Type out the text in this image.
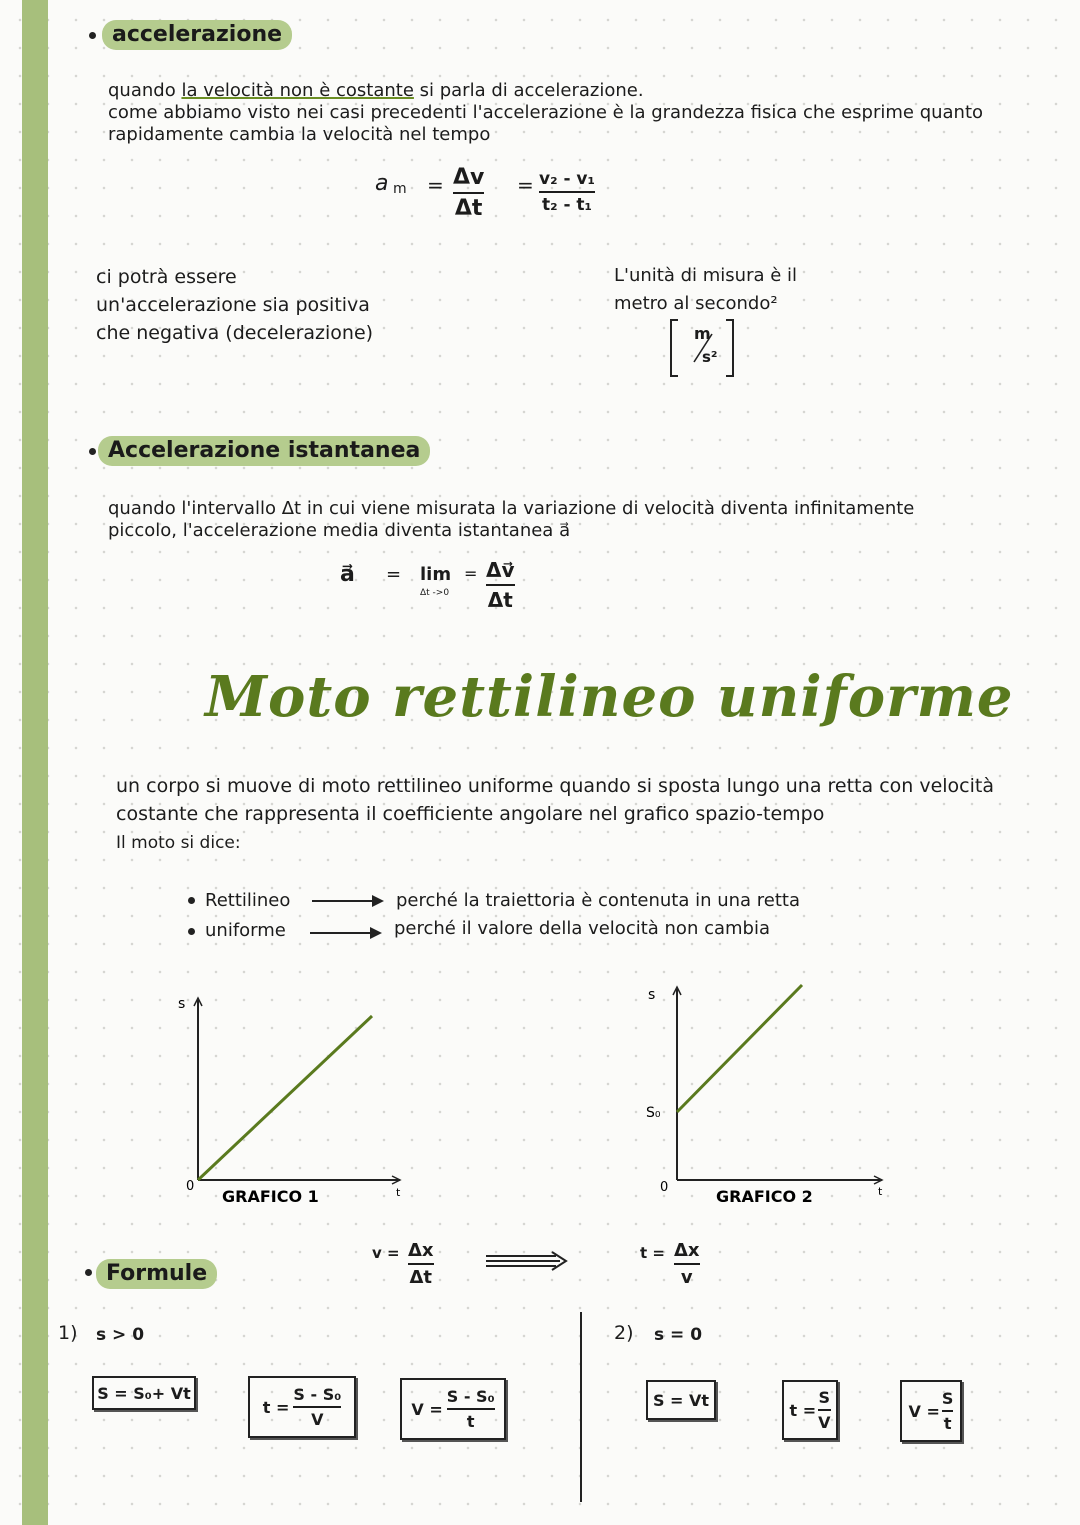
accelerazione
quando la velocità non è costante si parla di accelerazione.
come abbiamo visto nei casi precedenti l'accelerazione è la grandezza fisica che esprime quanto
rapidamente cambia la velocità nel tempo
a m = Δv
Δt
= v₂ - v₁
t₂ - t₁
ci potrà essere
un'accelerazione sia positiva
che negativa (decelerazione)
L'unità di misura è il
metro al secondo²
m
s²
Accelerazione istantanea
quando l'intervallo Δt in cui viene misurata la variazione di velocità diventa infinitamente
piccolo, l'accelerazione media diventa istantanea a⃗
a⃗ = lim
Δt ->0
= Δv⃗
Δt
Moto rettilineo uniforme
un corpo si muove di moto rettilineo uniforme quando si sposta lungo una retta con velocità
costante che rappresenta il coefficiente angolare nel grafico spazio-tempo
Il moto si dice:
Rettilineo	perché la traiettoria è contenuta in una retta
uniforme	perché il valore della velocità non cambia
s
t
0
GRAFICO 1
s
t
S₀
0	GRAFICO 2
Formule
v = Δx
Δt
t = Δx
v
1) s > 0
S = S₀+ Vt
$t = \frac{\text{S - S₀}}{V}$	$V = \frac{\text{S - S₀}}{t}$
2) s = 0
S = Vt
$t = \frac{S}{V}$	$V = \frac{S}{t}$
